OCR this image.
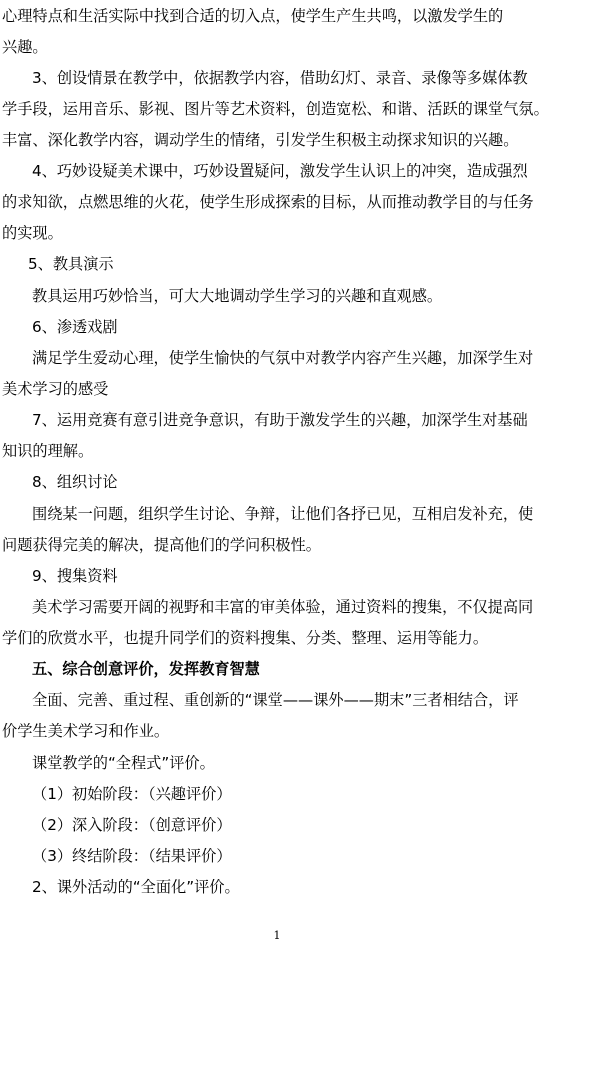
心理特点和生活实际中找到合适的切入点，使学生产生共鸣，以激发学生的
兴趣。
3、创设情景在教学中，依据教学内容，借助幻灯、录音、录像等多媒体教
学手段，运用音乐、影视、图片等艺术资料，创造宽松、和谐、活跃的课堂气氛。
丰富、深化教学内容，调动学生的情绪，引发学生积极主动探求知识的兴趣。
4、巧妙设疑美术课中，巧妙设置疑问，激发学生认识上的冲突，造成强烈
的求知欲，点燃思维的火花，使学生形成探索的目标，从而推动教学目的与任务
的实现。
5、教具演示
教具运用巧妙恰当，可大大地调动学生学习的兴趣和直观感。
6、渗透戏剧
满足学生爱动心理，使学生愉快的气氛中对教学内容产生兴趣，加深学生对
美术学习的感受
7、运用竞赛有意引进竞争意识，有助于激发学生的兴趣，加深学生对基础
知识的理解。
8、组织讨论
围绕某一问题，组织学生讨论、争辩，让他们各抒已见，互相启发补充，使
问题获得完美的解决，提高他们的学问积极性。
9、搜集资料
美术学习需要开阔的视野和丰富的审美体验，通过资料的搜集，不仅提高同
学们的欣赏水平，也提升同学们的资料搜集、分类、整理、运用等能力。
五、综合创意评价，发挥教育智慧
全面、完善、重过程、重创新的“课堂——课外——期末”三者相结合，评
价学生美术学习和作业。
课堂教学的“全程式”评价。
（1）初始阶段：（兴趣评价）
（2）深入阶段：（创意评价）
（3）终结阶段：（结果评价）
2、课外活动的“全面化”评价。
1
